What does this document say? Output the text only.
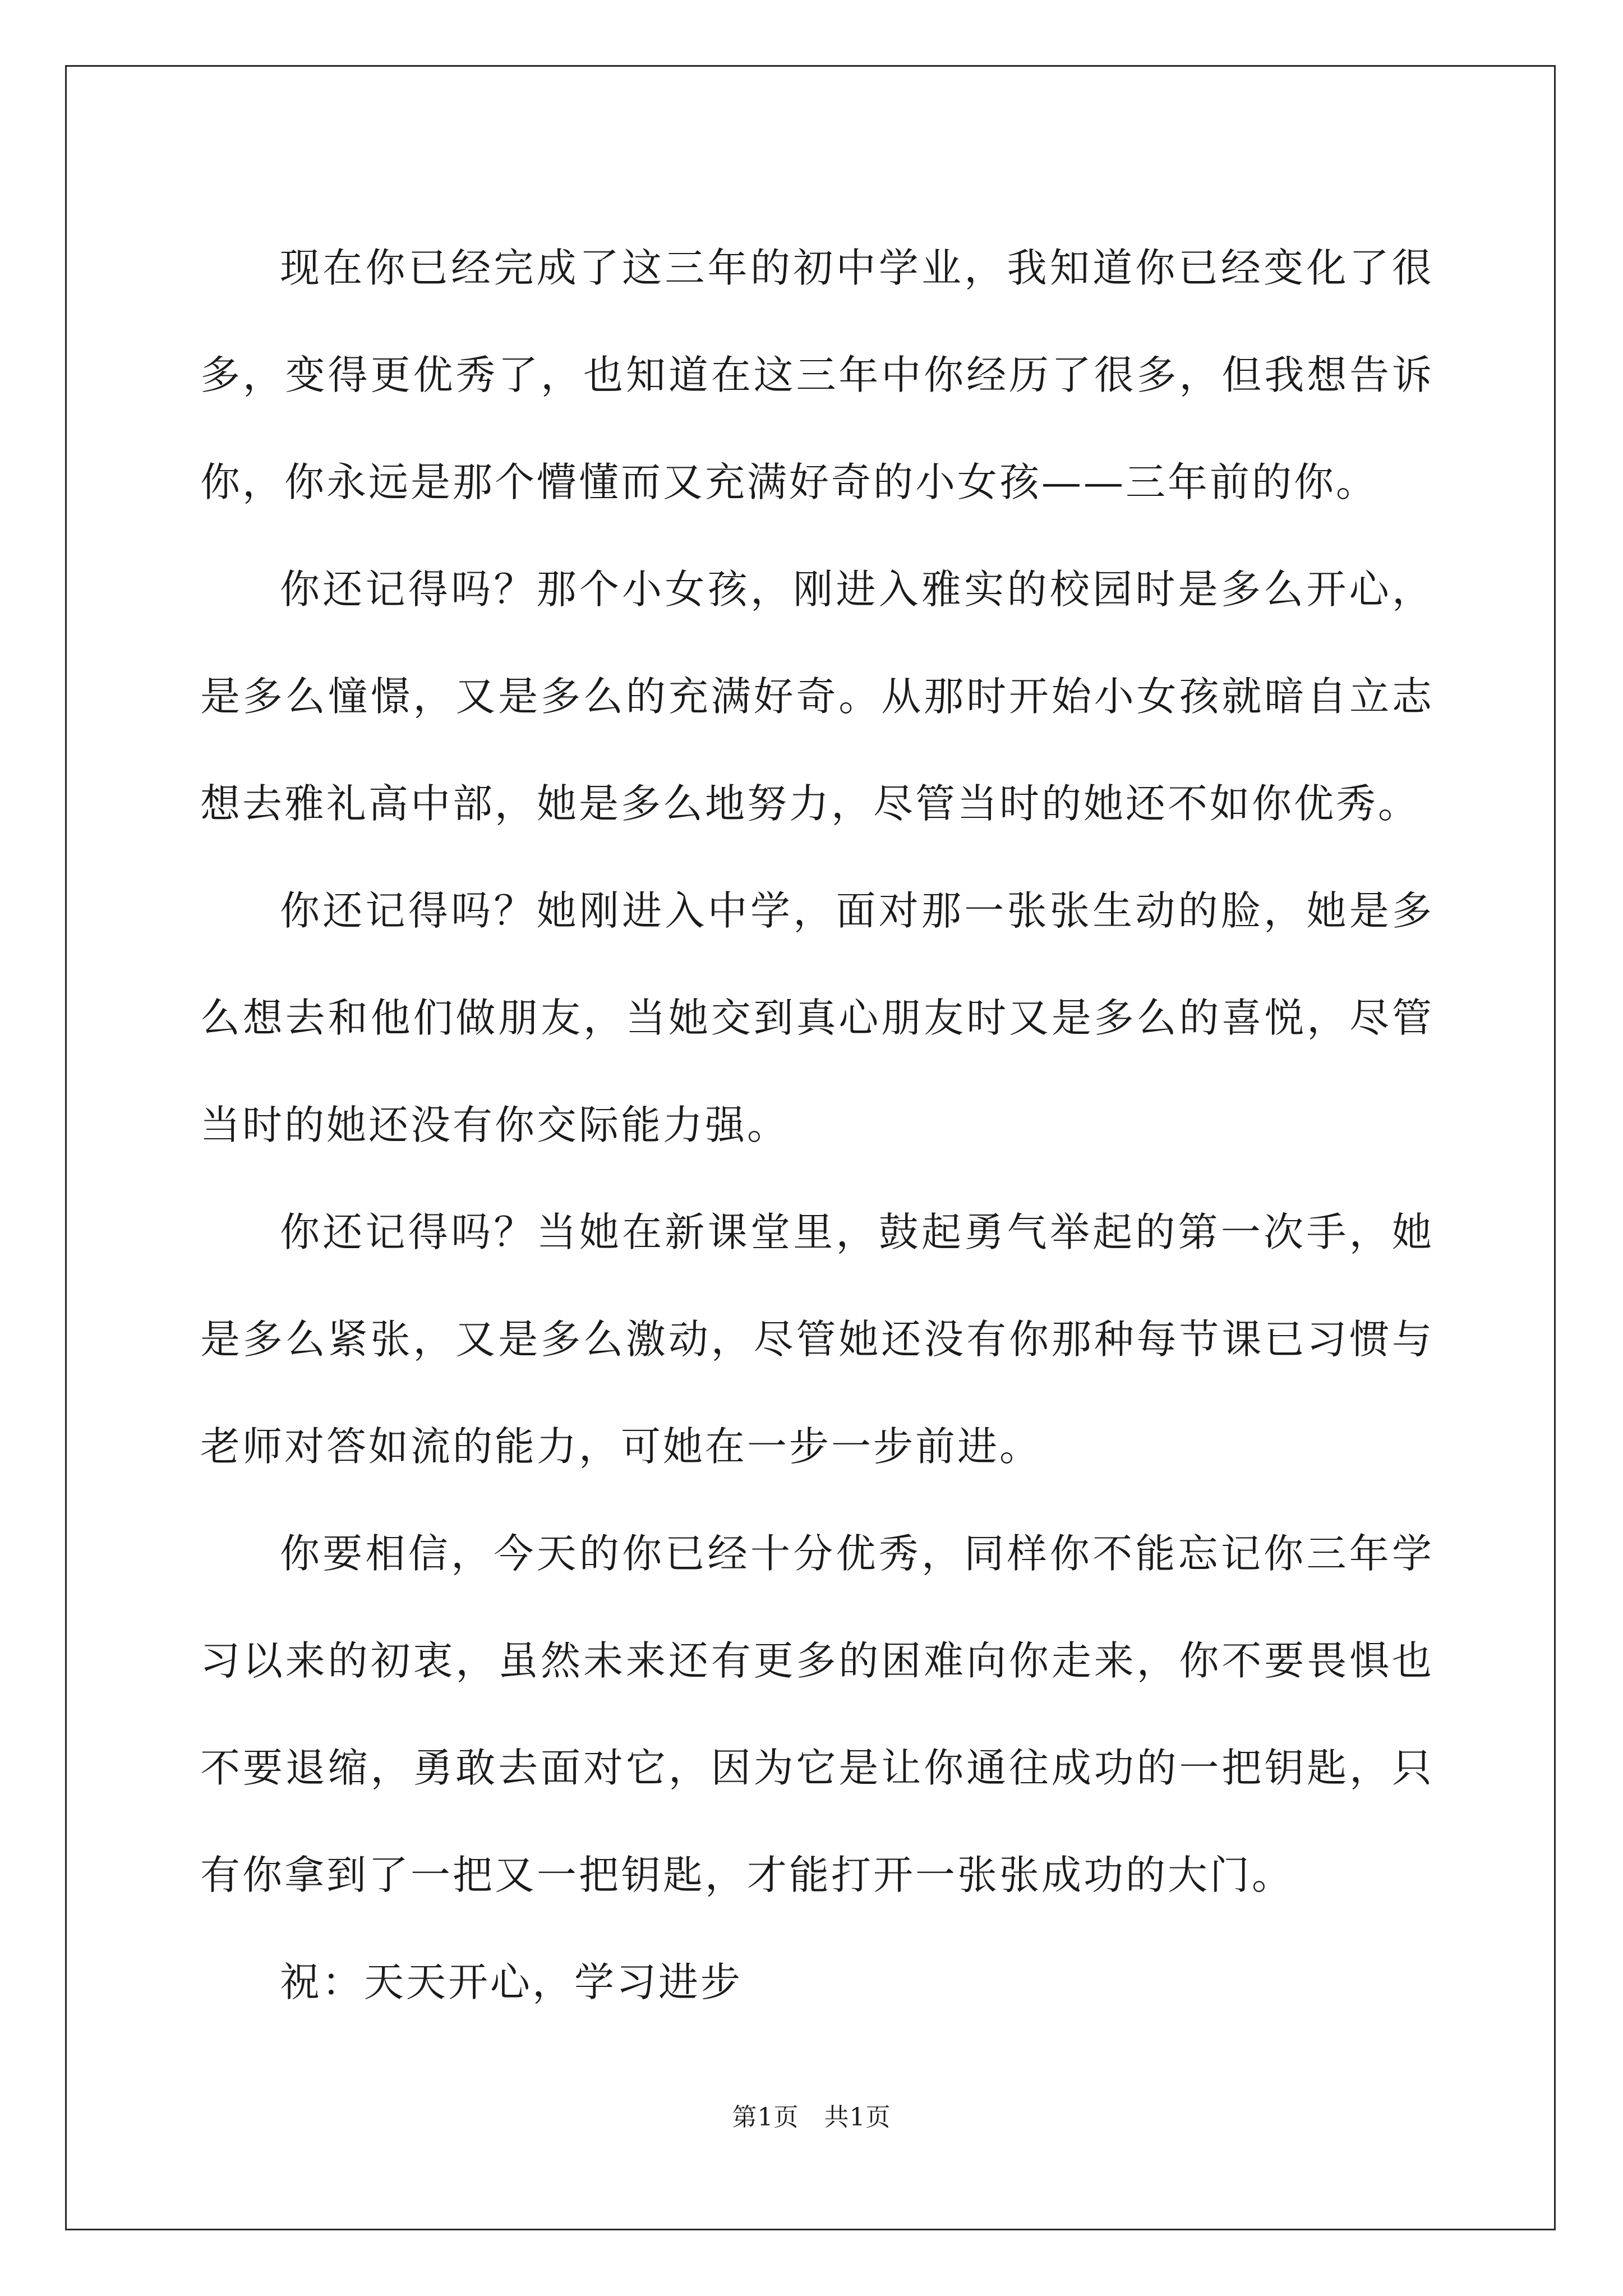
现在你已经完成了这三年的初中学业，我知道你已经变化了很多，变得更优秀了，也知道在这三年中你经历了很多，但我想告诉你，你永远是那个懵懂而又充满好奇的小女孩——三年前的你。

你还记得吗？那个小女孩，刚进入雅实的校园时是多么开心，是多么憧憬，又是多么的充满好奇。从那时开始小女孩就暗自立志想去雅礼高中部，她是多么地努力，尽管当时的她还不如你优秀。

你还记得吗？她刚进入中学，面对那一张张生动的脸，她是多么想去和他们做朋友，当她交到真心朋友时又是多么的喜悦，尽管当时的她还没有你交际能力强。

你还记得吗？当她在新课堂里，鼓起勇气举起的第一次手，她是多么紧张，又是多么激动，尽管她还没有你那种每节课已习惯与老师对答如流的能力，可她在一步一步前进。

你要相信，今天的你已经十分优秀，同样你不能忘记你三年学习以来的初衷，虽然未来还有更多的困难向你走来，你不要畏惧也不要退缩，勇敢去面对它，因为它是让你通往成功的一把钥匙，只有你拿到了一把又一把钥匙，才能打开一张张成功的大门。

祝：天天开心，学习进步

第1页　共1页
